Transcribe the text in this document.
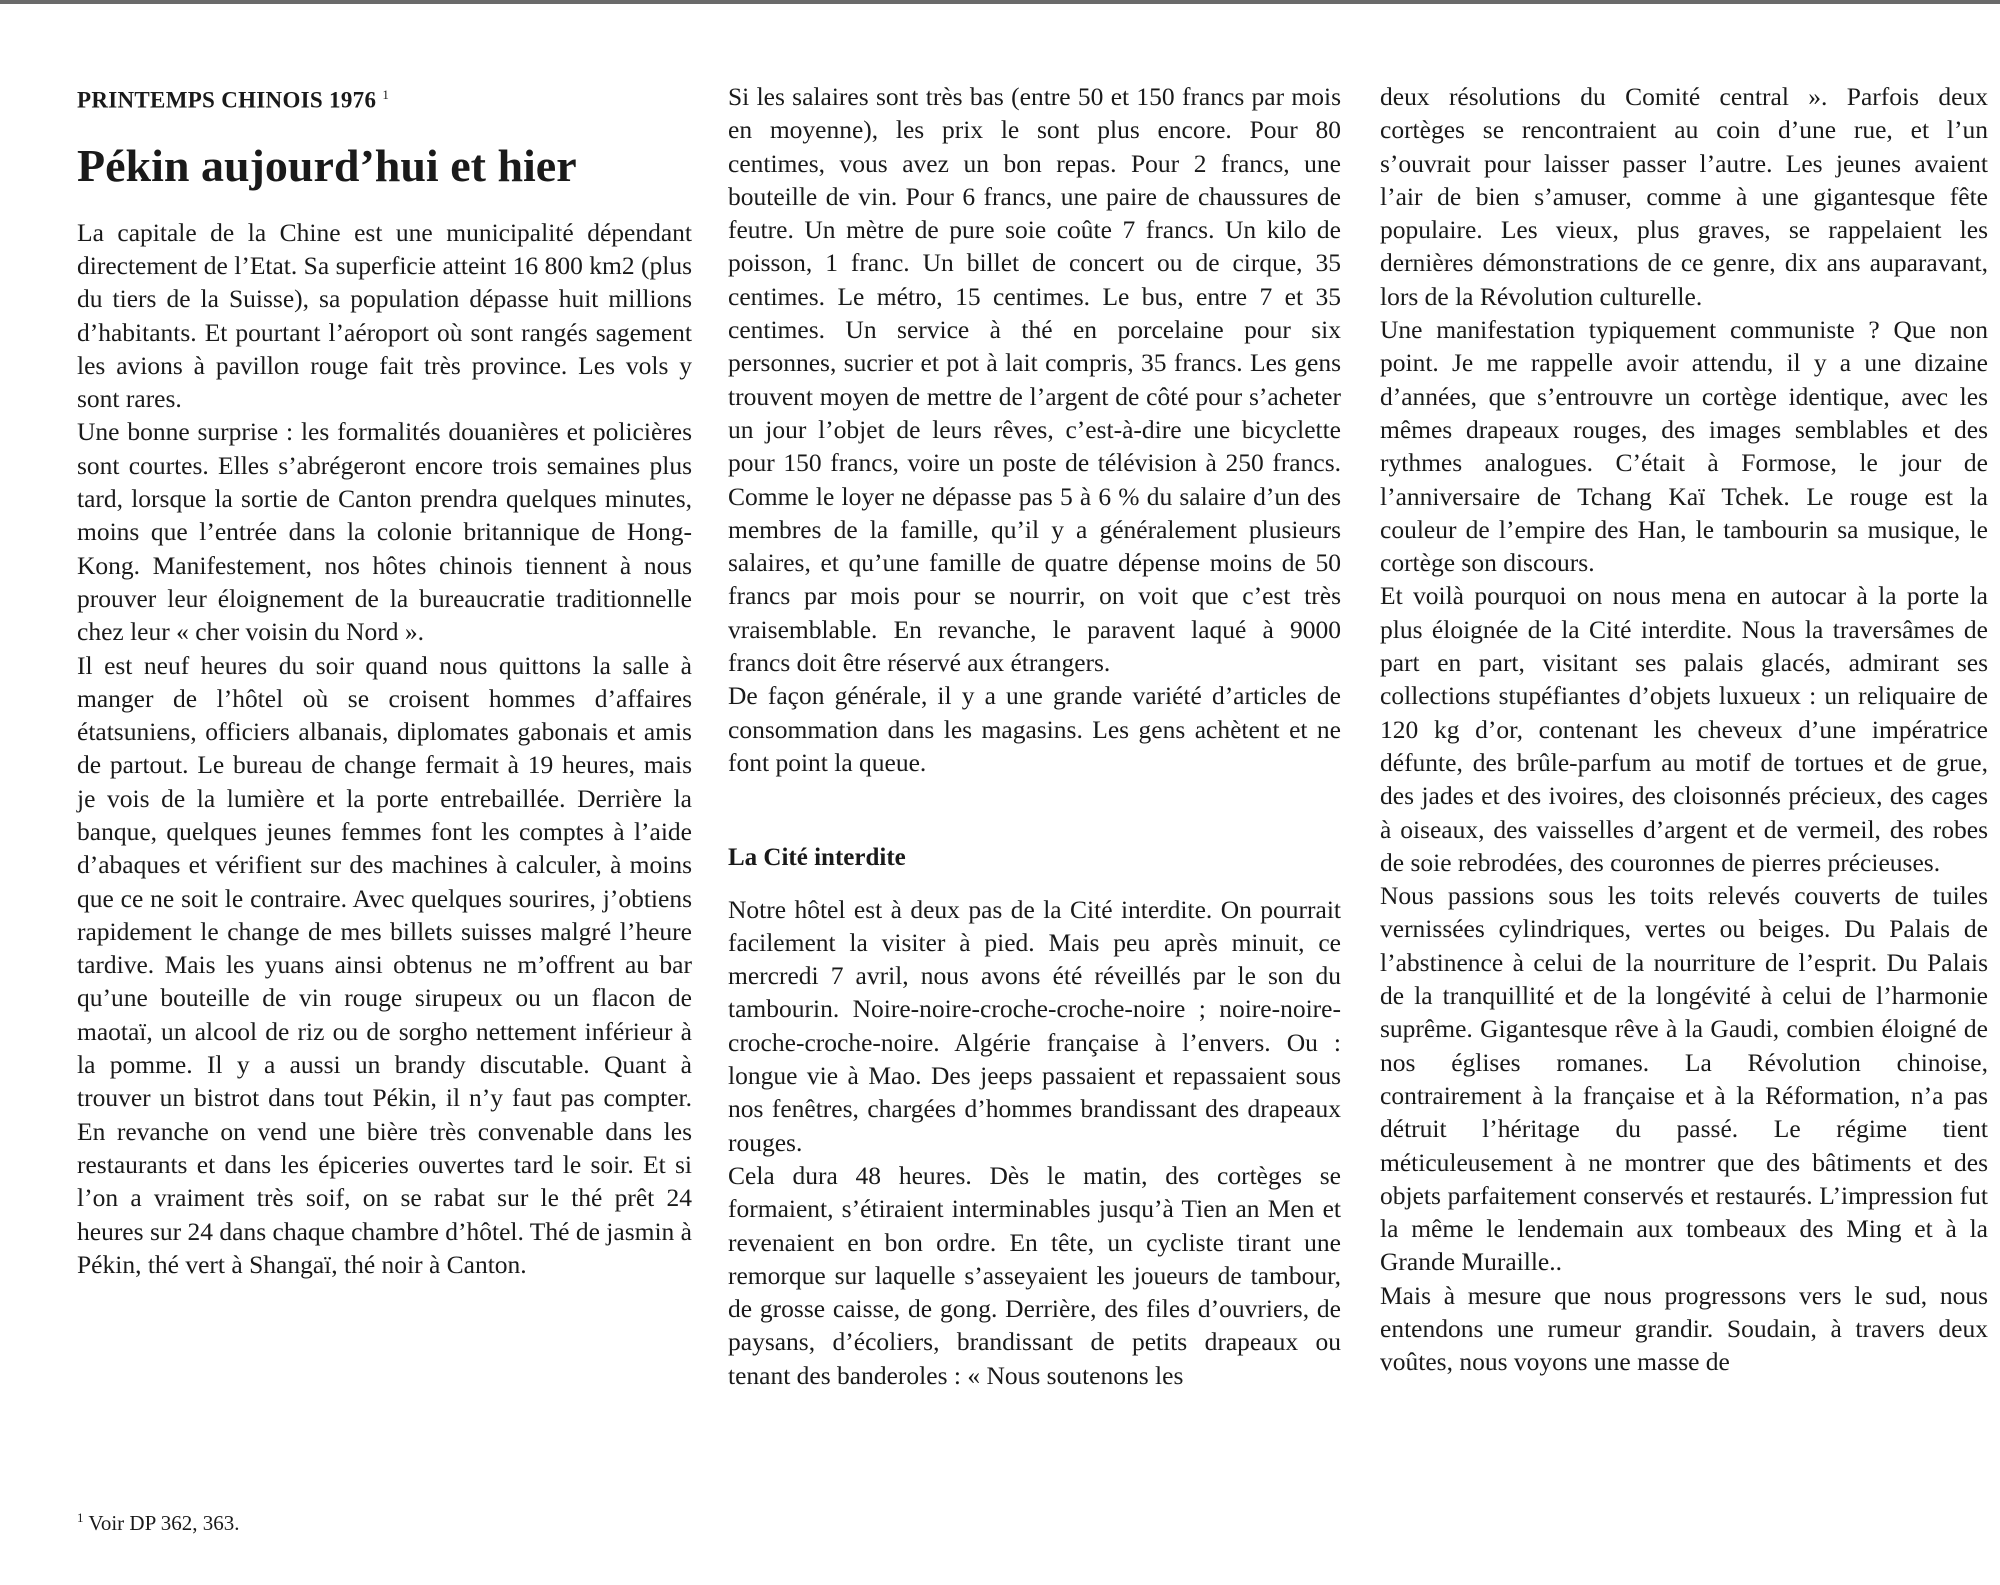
PRINTEMPS CHINOIS 1976 $^1$
Pékin aujourd’hui et hier

La capitale de la Chine est une municipalité dépendant directement de l’Etat. Sa superficie atteint 16 800 km2 (plus du tiers de la Suisse), sa population dépasse huit millions d’habitants. Et pourtant l’aéroport où sont rangés sagement les avions à pavillon rouge fait très province. Les vols y sont rares.

Une bonne surprise : les formalités douanières et policières sont courtes. Elles s’abrégeront encore trois semaines plus tard, lorsque la sortie de Canton prendra quelques minutes, moins que l’entrée dans la colonie britannique de Hong-Kong. Manifestement, nos hôtes chinois tiennent à nous prouver leur éloignement de la bureaucratie traditionnelle chez leur « cher voisin du Nord ».

Il est neuf heures du soir quand nous quittons la salle à manger de l’hôtel où se croisent hommes d’affaires étatsuniens, officiers albanais, diplomates gabonais et amis de partout. Le bureau de change fermait à 19 heures, mais je vois de la lumière et la porte entrebaillée. Derrière la banque, quelques jeunes femmes font les comptes à l’aide d’abaques et vérifient sur des machines à calculer, à moins que ce ne soit le contraire. Avec quelques sourires, j’obtiens rapidement le change de mes billets suisses malgré l’heure tardive. Mais les yuans ainsi obtenus ne m’offrent au bar qu’une bouteille de vin rouge sirupeux ou un flacon de maotaï, un alcool de riz ou de sorgho nettement inférieur à la pomme. Il y a aussi un brandy discutable. Quant à trouver un bistrot dans tout Pékin, il n’y faut pas compter. En revanche on vend une bière très convenable dans les restaurants et dans les épiceries ouvertes tard le soir. Et si l’on a vraiment très soif, on se rabat sur le thé prêt 24 heures sur 24 dans chaque chambre d’hôtel. Thé de jasmin à Pékin, thé vert à Shangaï, thé noir à Canton.

Si les salaires sont très bas (entre 50 et 150 francs par mois en moyenne), les prix le sont plus encore. Pour 80 centimes, vous avez un bon repas. Pour 2 francs, une bouteille de vin. Pour 6 francs, une paire de chaussures de feutre. Un mètre de pure soie coûte 7 francs. Un kilo de poisson, 1 franc. Un billet de concert ou de cirque, 35 centimes. Le métro, 15 centimes. Le bus, entre 7 et 35 centimes. Un service à thé en porcelaine pour six personnes, sucrier et pot à lait compris, 35 francs. Les gens trouvent moyen de mettre de l’argent de côté pour s’acheter un jour l’objet de leurs rêves, c’est-à-dire une bicyclette pour 150 francs, voire un poste de télévision à 250 francs. Comme le loyer ne dépasse pas 5 à 6 % du salaire d’un des membres de la famille, qu’il y a généralement plusieurs salaires, et qu’une famille de quatre dépense moins de 50 francs par mois pour se nourrir, on voit que c’est très vraisemblable. En revanche, le paravent laqué à 9000 francs doit être réservé aux étrangers.

De façon générale, il y a une grande variété d’articles de consommation dans les magasins. Les gens achètent et ne font point la queue.

La Cité interdite

Notre hôtel est à deux pas de la Cité interdite. On pourrait facilement la visiter à pied. Mais peu après minuit, ce mercredi 7 avril, nous avons été réveillés par le son du tambourin. Noire-noire-croche-croche-noire ; noire-noire-croche-croche-noire. Algérie française à l’envers. Ou : longue vie à Mao. Des jeeps passaient et repassaient sous nos fenêtres, chargées d’hommes brandissant des drapeaux rouges.

Cela dura 48 heures. Dès le matin, des cortèges se formaient, s’étiraient interminables jusqu’à Tien an Men et revenaient en bon ordre. En tête, un cycliste tirant une remorque sur laquelle s’asseyaient les joueurs de tambour, de grosse caisse, de gong. Derrière, des files d’ouvriers, de paysans, d’écoliers, brandissant de petits drapeaux ou tenant des banderoles : « Nous soutenons les

deux résolutions du Comité central ». Parfois deux cortèges se rencontraient au coin d’une rue, et l’un s’ouvrait pour laisser passer l’autre. Les jeunes avaient l’air de bien s’amuser, comme à une gigantesque fête populaire. Les vieux, plus graves, se rappelaient les dernières démonstrations de ce genre, dix ans auparavant, lors de la Révolution culturelle.

Une manifestation typiquement communiste ? Que non point. Je me rappelle avoir attendu, il y a une dizaine d’années, que s’entrouvre un cortège identique, avec les mêmes drapeaux rouges, des images semblables et des rythmes analogues. C’était à Formose, le jour de l’anniversaire de Tchang Kaï Tchek. Le rouge est la couleur de l’empire des Han, le tambourin sa musique, le cortège son discours.

Et voilà pourquoi on nous mena en autocar à la porte la plus éloignée de la Cité interdite. Nous la traversâmes de part en part, visitant ses palais glacés, admirant ses collections stupéfiantes d’objets luxueux : un reliquaire de 120 kg d’or, contenant les cheveux d’une impératrice défunte, des brûle-parfum au motif de tortues et de grue, des jades et des ivoires, des cloisonnés précieux, des cages à oiseaux, des vaisselles d’argent et de vermeil, des robes de soie rebrodées, des couronnes de pierres précieuses.

Nous passions sous les toits relevés couverts de tuiles vernissées cylindriques, vertes ou beiges. Du Palais de l’abstinence à celui de la nourriture de l’esprit. Du Palais de la tranquillité et de la longévité à celui de l’harmonie suprême. Gigantesque rêve à la Gaudi, combien éloigné de nos églises romanes. La Révolution chinoise, contrairement à la française et à la Réformation, n’a pas détruit l’héritage du passé. Le régime tient méticuleusement à ne montrer que des bâtiments et des objets parfaitement conservés et restaurés. L’impression fut la même le lendemain aux tombeaux des Ming et à la Grande Muraille..

Mais à mesure que nous progressons vers le sud, nous entendons une rumeur grandir. Soudain, à travers deux voûtes, nous voyons une masse de

$^1$ Voir DP 362, 363.
